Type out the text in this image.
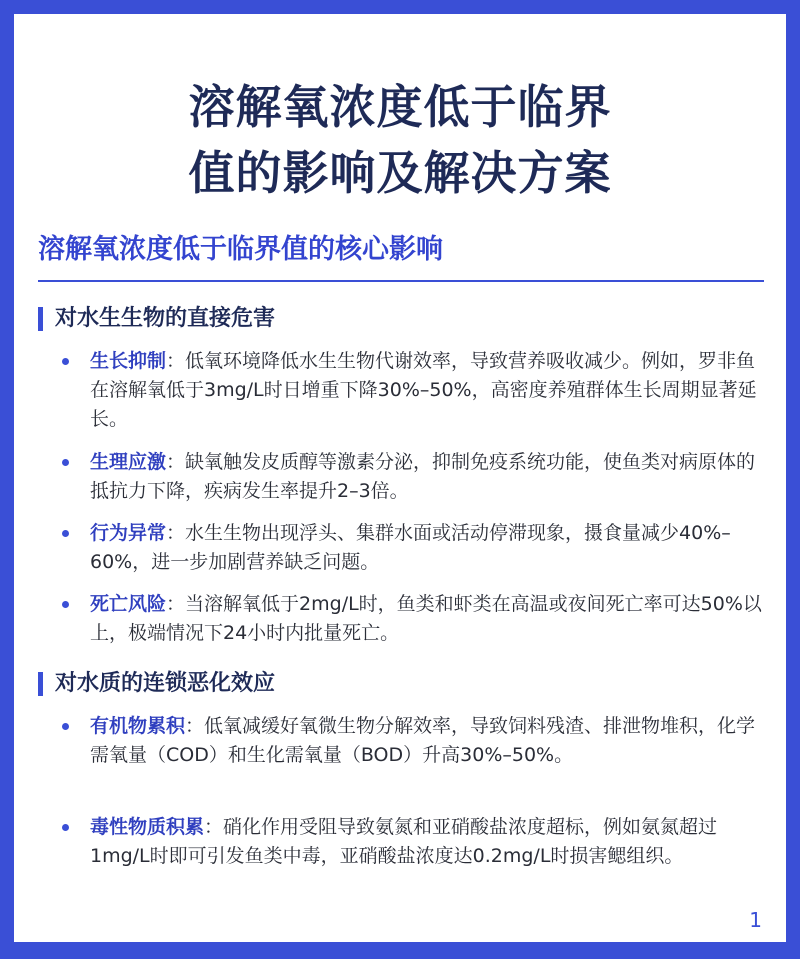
溶解氧浓度低于临界
值的影响及解决方案
溶解氧浓度低于临界值的核心影响
对水生生物的直接危害
生长抑制：低氧环境降低水生生物代谢效率，导致营养吸收减少。例如，罗非鱼在溶解氧低于3mg/L时日增重下降30%–50%，高密度养殖群体生长周期显著延长。
生理应激：缺氧触发皮质醇等激素分泌，抑制免疫系统功能，使鱼类对病原体的抵抗力下降，疾病发生率提升2–3倍。
行为异常：水生生物出现浮头、集群水面或活动停滞现象，摄食量减少40%–60%，进一步加剧营养缺乏问题。
死亡风险：当溶解氧低于2mg/L时，鱼类和虾类在高温或夜间死亡率可达50%以上，极端情况下24小时内批量死亡。
对水质的连锁恶化效应
有机物累积：低氧减缓好氧微生物分解效率，导致饲料残渣、排泄物堆积，化学需氧量（COD）和生化需氧量（BOD）升高30%–50%。
毒性物质积累：硝化作用受阻导致氨氮和亚硝酸盐浓度超标，例如氨氮超过1mg/L时即可引发鱼类中毒，亚硝酸盐浓度达0.2mg/L时损害鳃组织。
1
